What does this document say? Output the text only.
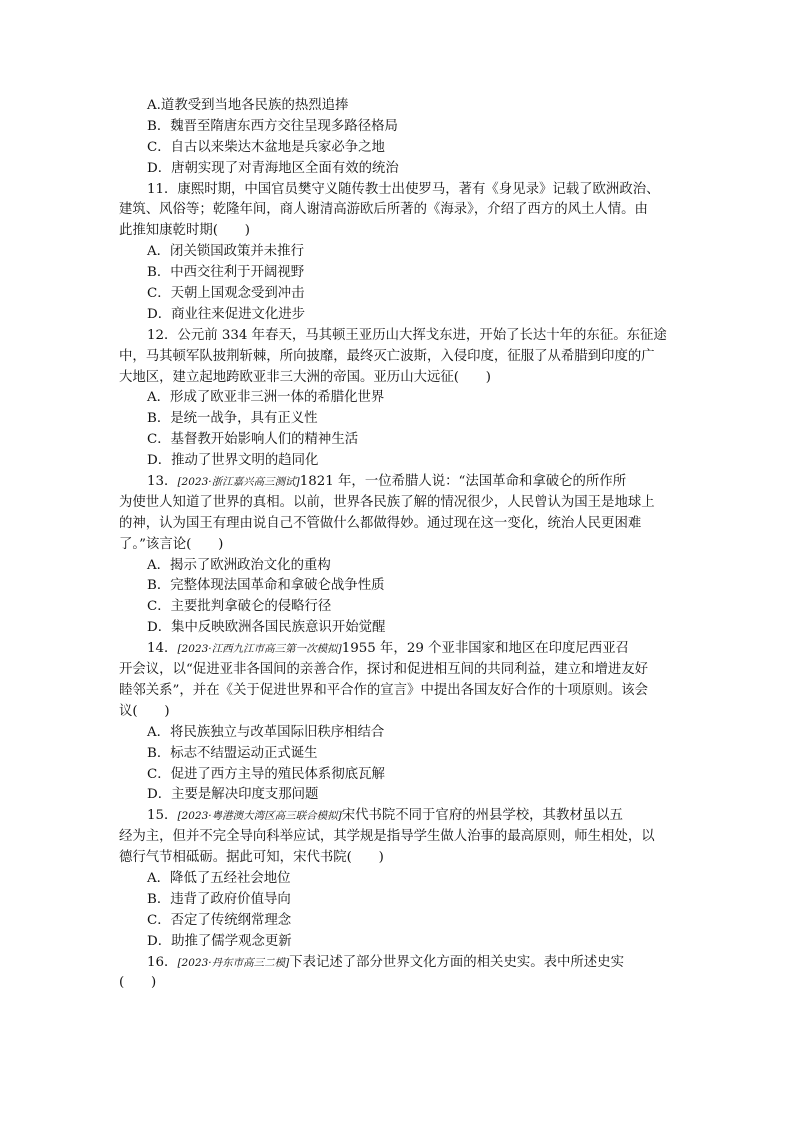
A.道教受到当地各民族的热烈追捧
B．魏晋至隋唐东西方交往呈现多路径格局
C．自古以来柴达木盆地是兵家必争之地
D．唐朝实现了对青海地区全面有效的统治
11．康熙时期，中国官员樊守义随传教士出使罗马，著有《身见录》记载了欧洲政治、
建筑、风俗等；乾隆年间，商人谢清高游欧后所著的《海录》，介绍了西方的风土人情。由
此推知康乾时期(　　)
A．闭关锁国政策并未推行
B．中西交往利于开阔视野
C．天朝上国观念受到冲击
D．商业往来促进文化进步
12．公元前 334 年春天，马其顿王亚历山大挥戈东进，开始了长达十年的东征。东征途
中，马其顿军队披荆斩棘，所向披靡，最终灭亡波斯，入侵印度，征服了从希腊到印度的广
大地区，建立起地跨欧亚非三大洲的帝国。亚历山大远征(　　)
A．形成了欧亚非三洲一体的希腊化世界
B．是统一战争，具有正义性
C．基督教开始影响人们的精神生活
D．推动了世界文明的趋同化
13．[2023·浙江嘉兴高三测试]1821 年，一位希腊人说：“法国革命和拿破仑的所作所
为使世人知道了世界的真相。以前，世界各民族了解的情况很少，人民曾认为国王是地球上
的神，认为国王有理由说自己不管做什么都做得妙。通过现在这一变化，统治人民更困难
了。”该言论(　　)
A．揭示了欧洲政治文化的重构
B．完整体现法国革命和拿破仑战争性质
C．主要批判拿破仑的侵略行径
D．集中反映欧洲各国民族意识开始觉醒
14．[2023·江西九江市高三第一次模拟]1955 年，29 个亚非国家和地区在印度尼西亚召
开会议，以“促进亚非各国间的亲善合作，探讨和促进相互间的共同利益，建立和增进友好
睦邻关系”，并在《关于促进世界和平合作的宣言》中提出各国友好合作的十项原则。该会
议(　　)
A．将民族独立与改革国际旧秩序相结合
B．标志不结盟运动正式诞生
C．促进了西方主导的殖民体系彻底瓦解
D．主要是解决印度支那问题
15．[2023·粤港澳大湾区高三联合模拟]宋代书院不同于官府的州县学校，其教材虽以五
经为主，但并不完全导向科举应试，其学规是指导学生做人治事的最高原则，师生相处，以
德行气节相砥砺。据此可知，宋代书院(　　)
A．降低了五经社会地位
B．违背了政府价值导向
C．否定了传统纲常理念
D．助推了儒学观念更新
16．[2023·丹东市高三二模]下表记述了部分世界文化方面的相关史实。表中所述史实
(　　)
